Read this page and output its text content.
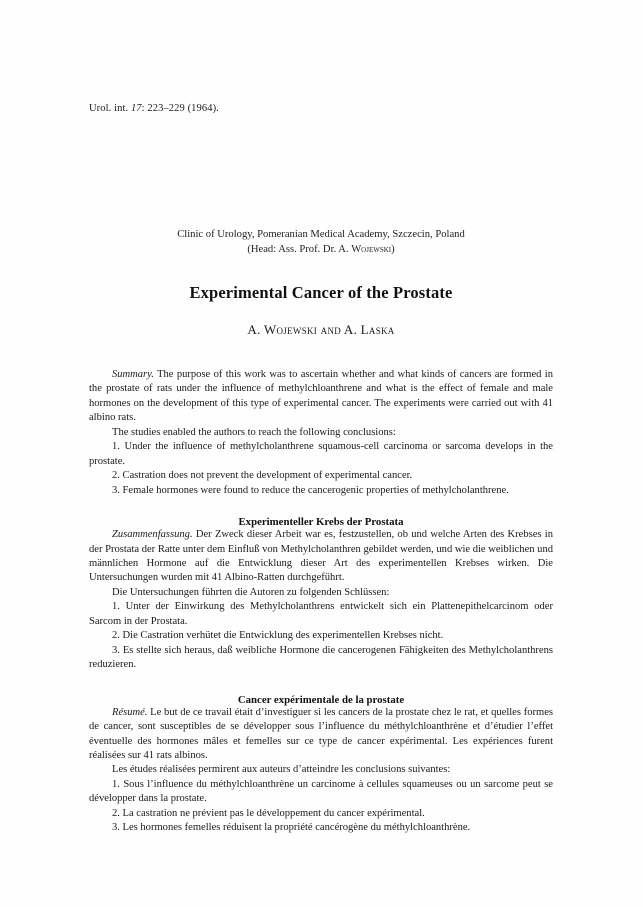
Urol. int. 17: 223–229 (1964).
Clinic of Urology, Pomeranian Medical Academy, Szczecin, Poland
(Head: Ass. Prof. Dr. A. Wojewski)
Experimental Cancer of the Prostate
A. Wojewski and A. Laska

Summary. The purpose of this work was to ascertain whether and what kinds of cancers are formed in the prostate of rats under the influence of methylchloanthrene and what is the effect of female and male hormones on the development of this type of experimental cancer. The experiments were carried out with 41 albino rats.

The studies enabled the authors to reach the following conclusions:

1. Under the influence of methylcholanthrene squamous-cell carcinoma or sarcoma develops in the prostate.

2. Castration does not prevent the development of experimental cancer.

3. Female hormones were found to reduce the cancerogenic properties of methylcholanthrene.

Experimenteller Krebs der Prostata

Zusammenfassung. Der Zweck dieser Arbeit war es, festzustellen, ob und welche Arten des Krebses in der Prostata der Ratte unter dem Einfluß von Methylcholanthren gebildet werden, und wie die weiblichen und männlichen Hormone auf die Entwicklung dieser Art des experimentellen Krebses wirken. Die Untersuchungen wurden mit 41 Albino-Ratten durchgeführt.

Die Untersuchungen führten die Autoren zu folgenden Schlüssen:

1. Unter der Einwirkung des Methylcholanthrens entwickelt sich ein Plattenepithelcarcinom oder Sarcom in der Prostata.

2. Die Castration verhütet die Entwicklung des experimentellen Krebses nicht.

3. Es stellte sich heraus, daß weibliche Hormone die cancerogenen Fähigkeiten des Methylcholanthrens reduzieren.

Cancer expérimentale de la prostate

Résumé. Le but de ce travail était d’investiguer si les cancers de la prostate chez le rat, et quelles formes de cancer, sont susceptibles de se développer sous l’influence du méthylchloanthrène et d’étudier l’effet éventuelle des hormones mâles et femelles sur ce type de cancer expérimental. Les expériences furent réalisées sur 41 rats albinos.

Les études réalisées permirent aux auteurs d’atteindre les conclusions suivantes:

1. Sous l’influence du méthylchloanthrène un carcinome à cellules squameuses ou un sarcome peut se développer dans la prostate.

2. La castration ne prévient pas le développement du cancer expérimental.

3. Les hormones femelles réduisent la propriété cancérogène du méthylchloanthrène.
